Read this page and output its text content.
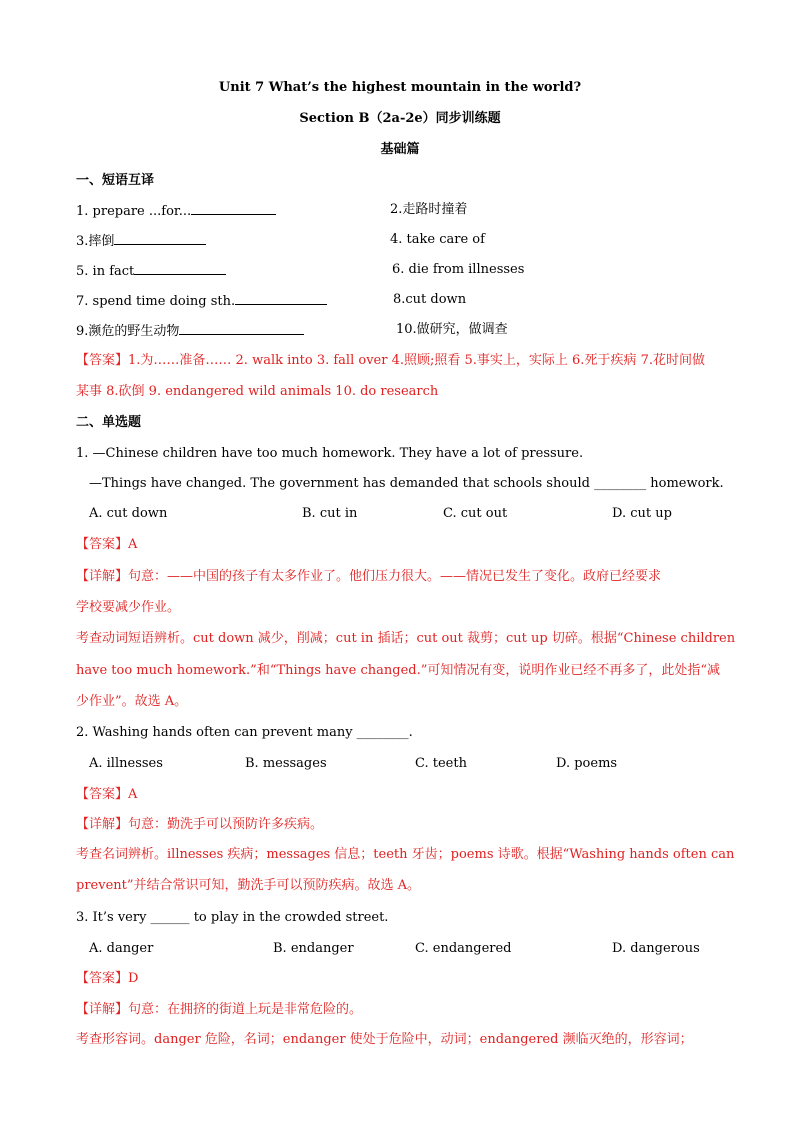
Unit 7 What’s the highest mountain in the world?
Section B（2a-2e）同步训练题
基础篇
一、短语互译
1. prepare ...for...	2.走路时撞着
3.摔倒	4. take care of
5. in fact	6. die from illnesses
7. spend time doing sth.	8.cut down
9.濒危的野生动物	10.做研究，做调查
【答案】1.为……准备…… 2. walk into 3. fall over 4.照顾;照看 5.事实上，实际上 6.死于疾病 7.花时间做
某事 8.砍倒 9. endangered wild animals 10. do research
二、单选题
1. —Chinese children have too much homework. They have a lot of pressure.
—Things have changed. The government has demanded that schools should ________ homework.
A. cut down	B. cut in	C. cut out	D. cut up
【答案】A
【详解】句意：——中国的孩子有太多作业了。他们压力很大。——情况已发生了变化。政府已经要求
学校要减少作业。
考查动词短语辨析。cut down 减少，削减；cut in 插话；cut out 裁剪；cut up 切碎。根据“Chinese children
have too much homework.”和“Things have changed.”可知情况有变，说明作业已经不再多了，此处指“减
少作业”。故选 A。
2. Washing hands often can prevent many ________.
A. illnesses	B. messages	C. teeth	D. poems
【答案】A
【详解】句意：勤洗手可以预防许多疾病。
考查名词辨析。illnesses 疾病；messages 信息；teeth 牙齿；poems 诗歌。根据“Washing hands often can
prevent”并结合常识可知，勤洗手可以预防疾病。故选 A。
3. It’s very ______ to play in the crowded street.
A. danger	B. endanger	C. endangered	D. dangerous
【答案】D
【详解】句意：在拥挤的街道上玩是非常危险的。
考查形容词。danger 危险，名词；endanger 使处于危险中，动词；endangered 濒临灭绝的，形容词；
